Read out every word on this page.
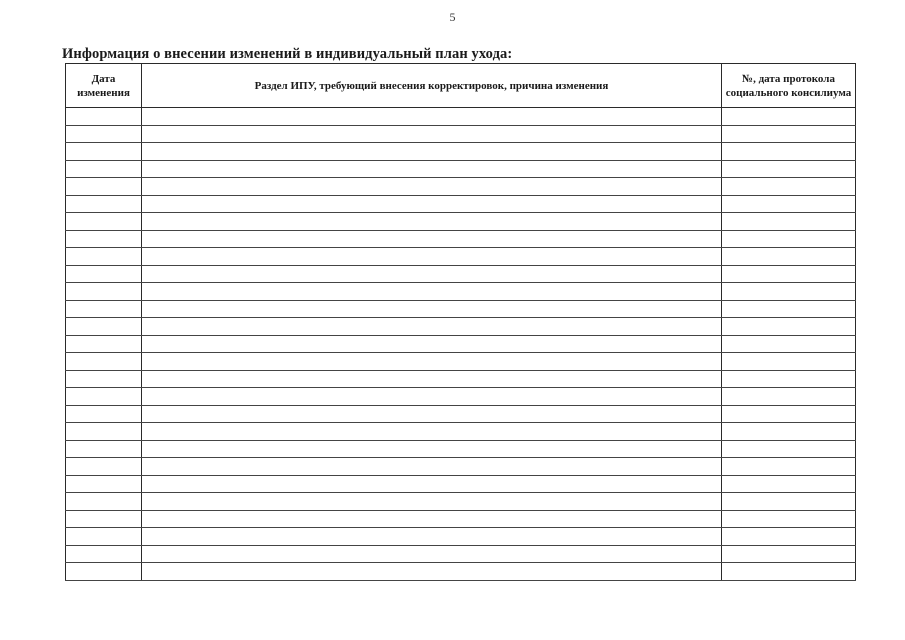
5
Информация о внесении изменений в индивидуальный план ухода:
Дата изменения	Раздел ИПУ, требующий внесения корректировок, причина изменения	№, дата протокола социального консилиума
